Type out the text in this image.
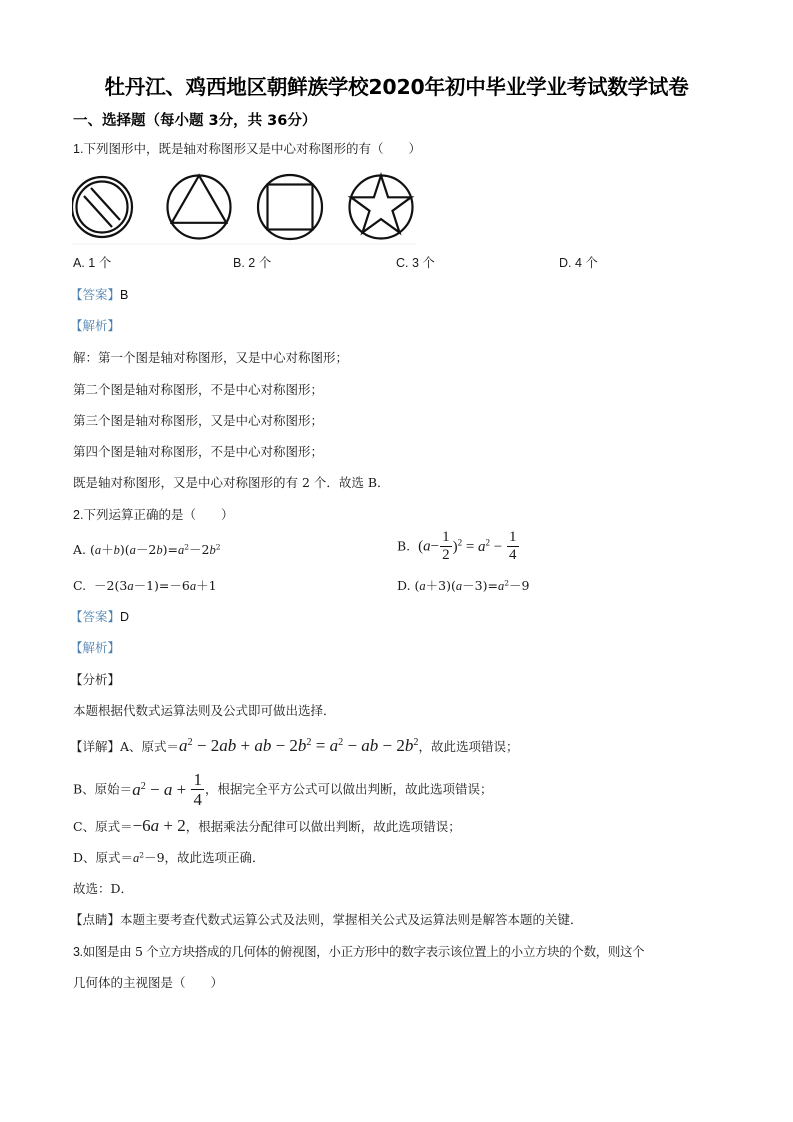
牡丹江、鸡西地区朝鲜族学校2020年初中毕业学业考试数学试卷
一、选择题（每小题 3分，共 36分）
1.下列图形中，既是轴对称图形又是中心对称图形的有（　　）
A. 1 个	B. 2 个	C. 3 个	D. 4 个
【答案】B
【解析】
解：第一个图是轴对称图形，又是中心对称图形；
第二个图是轴对称图形，不是中心对称图形；
第三个图是轴对称图形，又是中心对称图形；
第四个图是轴对称图形，不是中心对称图形；
既是轴对称图形，又是中心对称图形的有 2 个．故选 B．
2.下列运算正确的是（　　）
A. $(a+b)(a-2b)=a^2-2b^2$	B.  $(a- \frac{1}{2} )^2 = a^2 - \frac{1}{4}$
C.  －2(3a－1)=－6a＋1	D. $(a+3)(a-3)=a^2-9$
【答案】D
【解析】
【分析】
本题根据代数式运算法则及公式即可做出选择．
【详解】A、原式$=a^2 - 2ab$ + ab − $2b^2 = a^2$ − ab − $2b^2$，故此选项错误；
B、原始$=a^2 - a + \frac{1}{4}$ ，根据完全平方公式可以做出判断，故此选项错误；
C、原式＝−6a + 2，根据乘法分配律可以做出判断，故此选项错误；
D、原式$=a^2-9$，故此选项正确．
故选：D．
【点睛】本题主要考查代数式运算公式及法则，掌握相关公式及运算法则是解答本题的关键．
3.如图是由 5 个立方块搭成的几何体的俯视图，小正方形中的数字表示该位置上的小立方块的个数，则这个
几何体的主视图是（　　）
